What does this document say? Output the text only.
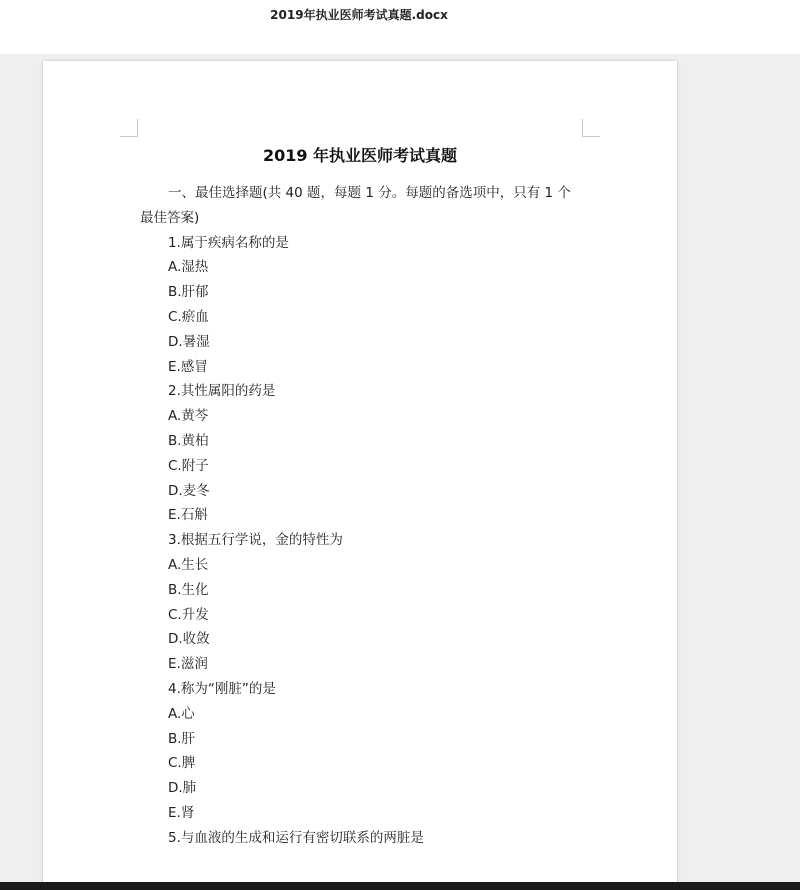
2019年执业医师考试真题.docx
2019 年执业医师考试真题

一、最佳选择题(共 40 题，每题 1 分。每题的备选项中，只有 1 个最佳答案)

1.属于疾病名称的是
A.湿热
B.肝郁
C.瘀血
D.暑湿
E.感冒
2.其性属阳的药是
A.黄芩
B.黄柏
C.附子
D.麦冬
E.石斛
3.根据五行学说，金的特性为
A.生长
B.生化
C.升发
D.收敛
E.滋润
4.称为“刚脏”的是
A.心
B.肝
C.脾
D.肺
E.肾
5.与血液的生成和运行有密切联系的两脏是
